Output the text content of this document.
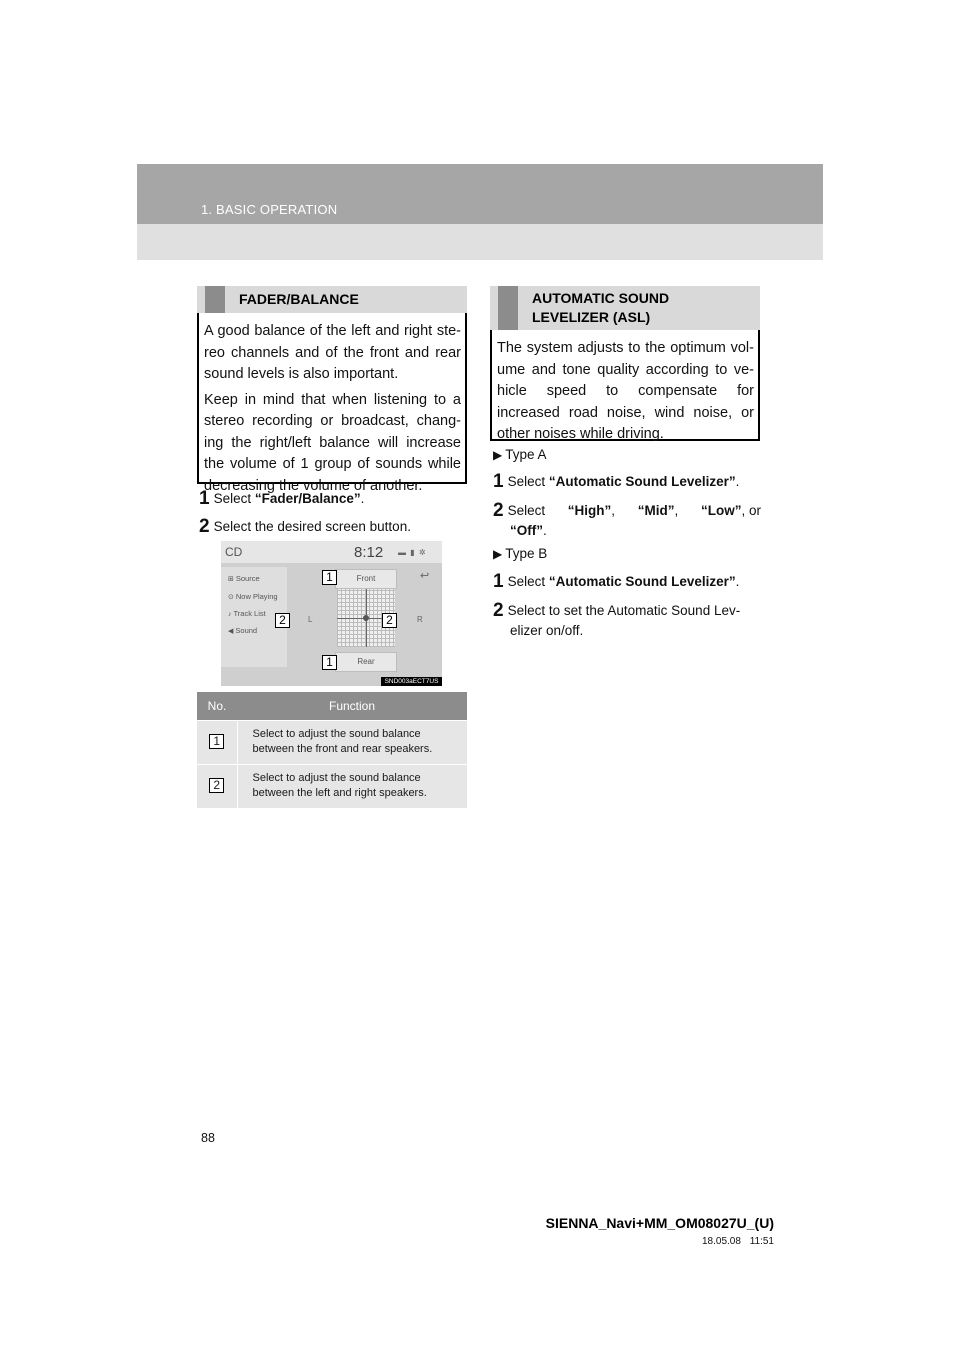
1. BASIC OPERATION
FADER/BALANCE

A good balance of the left and right ste-reo channels and of the front and rear sound levels is also important.

Keep in mind that when listening to a stereo recording or broadcast, chang-ing the right/left balance will increase the volume of 1 group of sounds while decreasing the volume of another.

1 Select “Fader/Balance”.
2 Select the desired screen button.
CD	8:12 ▬ ▮ ✲
⊞ Source
⊙ Now Playing
♪ Track List
◀ Sound
Front	↩
L	R
Rear
1
2	2
1
SND003aECT7US
No.	Function
1	Select to adjust the sound balance between the front and rear speakers.
2	Select to adjust the sound balance between the left and right speakers.
AUTOMATIC SOUND
LEVELIZER (ASL)

The system adjusts to the optimum vol-ume and tone quality according to ve-hicle speed to compensate for increased road noise, wind noise, or other noises while driving.

▶ Type A
1 Select “Automatic Sound Levelizer”.
2 Select “High”, “Mid”, “Low”, or
“Off”.
▶ Type B
1 Select “Automatic Sound Levelizer”.
2 Select to set the Automatic Sound Lev-
elizer on/off.
88
SIENNA_Navi+MM_OM08027U_(U)
18.05.08 11:51
